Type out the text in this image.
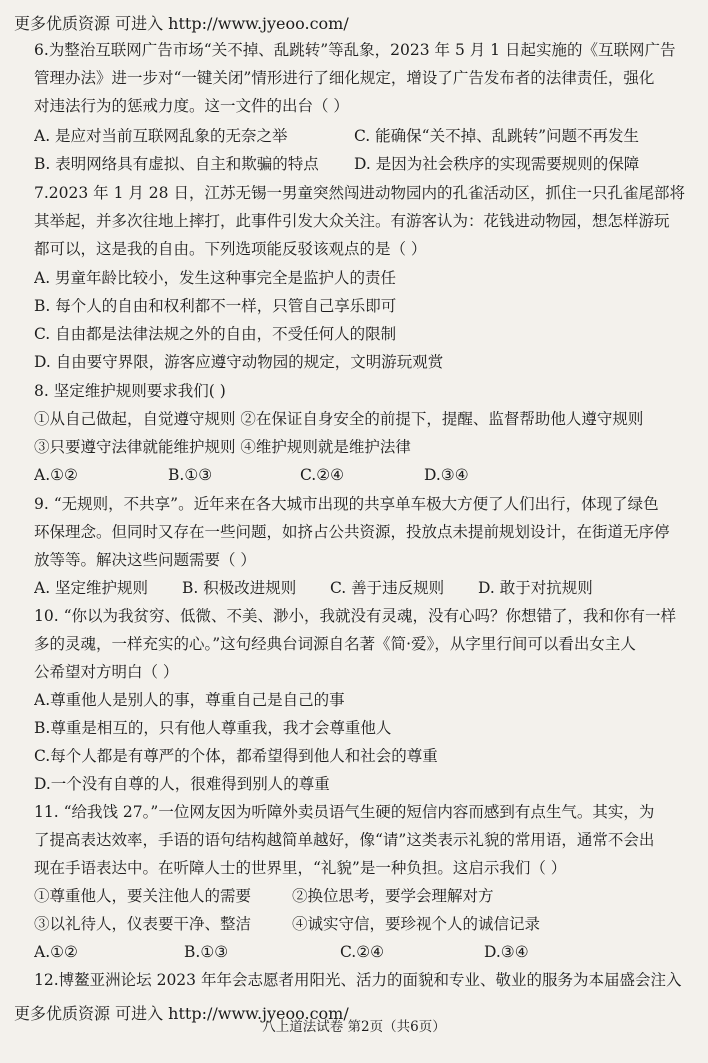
更多优质资源 可进入 http://www.jyeoo.com/
6.为整治互联网广告市场“关不掉、乱跳转”等乱象，2023 年 5 月 1 日起实施的《互联网广告
管理办法》进一步对“一键关闭”情形进行了细化规定，增设了广告发布者的法律责任，强化
对违法行为的惩戒力度。这一文件的出台（ ）
A. 是应对当前互联网乱象的无奈之举	C. 能确保“关不掉、乱跳转”问题不再发生
B. 表明网络具有虚拟、自主和欺骗的特点 D. 是因为社会秩序的实现需要规则的保障
7.2023 年 1 月 28 日，江苏无锡一男童突然闯进动物园内的孔雀活动区，抓住一只孔雀尾部将
其举起，并多次往地上摔打，此事件引发大众关注。有游客认为：花钱进动物园，想怎样游玩
都可以，这是我的自由。下列选项能反驳该观点的是（ ）
A. 男童年龄比较小，发生这种事完全是监护人的责任
B. 每个人的自由和权利都不一样，只管自己享乐即可
C. 自由都是法律法规之外的自由，不受任何人的限制
D. 自由要守界限，游客应遵守动物园的规定，文明游玩观赏
8. 坚定维护规则要求我们( )
①从自己做起，自觉遵守规则 ②在保证自身安全的前提下，提醒、监督帮助他人遵守规则
③只要遵守法律就能维护规则 ④维护规则就是维护法律
A.①②	B.①③	C.②④	D.③④
9. “无规则，不共享”。近年来在各大城市出现的共享单车极大方便了人们出行，体现了绿色
环保理念。但同时又存在一些问题，如挤占公共资源，投放点未提前规划设计，在街道无序停
放等等。解决这些问题需要（ ）
A. 坚定维护规则 B. 积极改进规则 C. 善于违反规则 D. 敢于对抗规则
10. “你以为我贫穷、低微、不美、渺小，我就没有灵魂，没有心吗？你想错了，我和你有一样
多的灵魂，一样充实的心。”这句经典台词源自名著《简·爱》，从字里行间可以看出女主人
公希望对方明白（ ）
A.尊重他人是别人的事，尊重自己是自己的事
B.尊重是相互的，只有他人尊重我，我才会尊重他人
C.每个人都是有尊严的个体，都希望得到他人和社会的尊重
D.一个没有自尊的人，很难得到别人的尊重
11. “给我饯 27。”一位网友因为听障外卖员语气生硬的短信内容而感到有点生气。其实，为
了提高表达效率，手语的语句结构越简单越好，像“请”这类表示礼貌的常用语，通常不会出
现在手语表达中。在听障人士的世界里，“礼貌”是一种负担。这启示我们（ ）
①尊重他人，要关注他人的需要	②换位思考，要学会理解对方
③以礼待人，仪表要干净、整洁	④诚实守信，要珍视个人的诚信记录
A.①②	B.①③	C.②④	D.③④
12.博鳌亚洲论坛 2023 年年会志愿者用阳光、活力的面貌和专业、敬业的服务为本届盛会注入
更多优质资源 可进入 http://www.jyeoo.com/
八上道法试卷 第2页（共6页）
